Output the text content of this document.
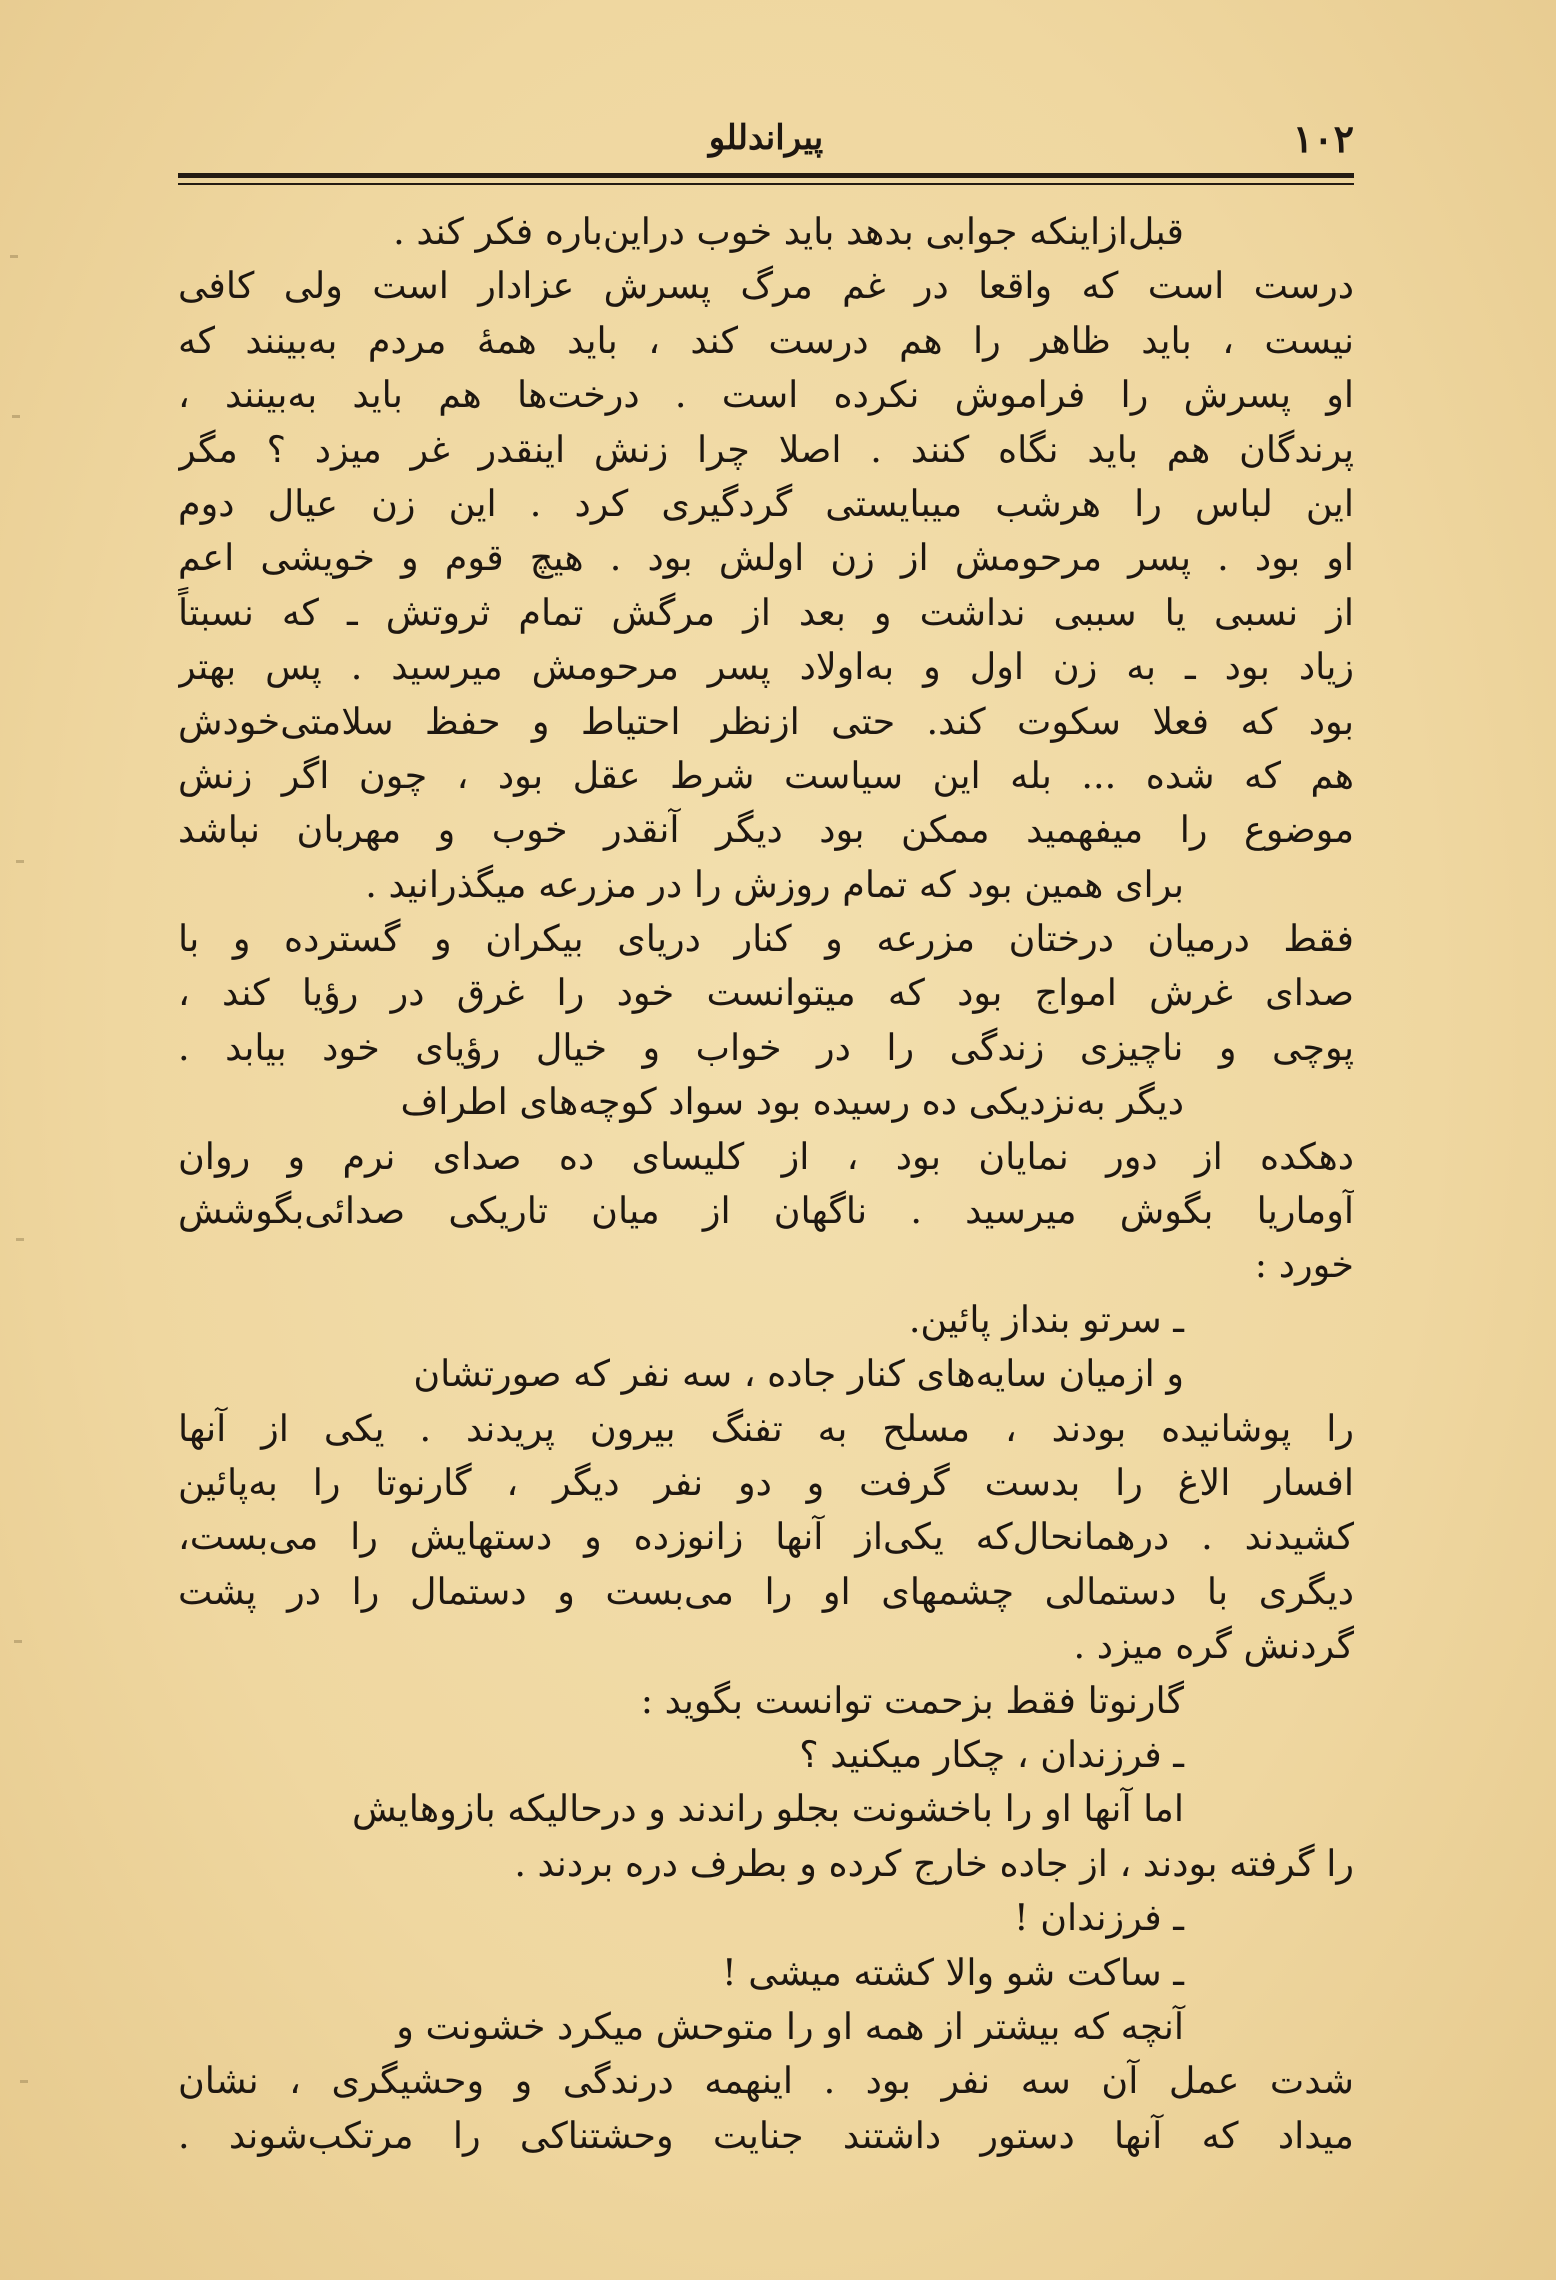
۱۰۲
پیراندللو
قبل‌ازاینکه جوابی بدهد باید خوب دراین‌باره فکر کند .
درست است که واقعا در غم مرگ پسرش عزادار است ولی کافی
نیست ، باید ظاهر را هم درست کند ، باید همهٔ مردم به‌بینند که
او پسرش را فراموش نکرده است . درخت‌ها هم باید به‌بینند ،
پرندگان هم باید نگاه کنند . اصلا چرا زنش اینقدر غر میزد ؟ مگر
این لباس را هرشب میبایستی گردگیری کرد . این زن عیال دوم
او بود . پسر مرحومش از زن اولش بود . هیچ قوم و خویشی اعم
از نسبی یا سببی نداشت و بعد از مرگش تمام ثروتش ـ که نسبتاً
زیاد بود ـ به زن اول و به‌اولاد پسر مرحومش میرسید . پس بهتر
بود که فعلا سکوت کند. حتی ازنظر احتیاط و حفظ سلامتی‌خودش
هم که شده ... بله این سیاست شرط عقل بود ، چون اگر زنش
موضوع را میفهمید ممکن بود دیگر آنقدر خوب و مهربان نباشد
برای همین بود که تمام روزش را در مزرعه میگذرانید .
فقط درمیان درختان مزرعه و کنار دریای بیکران و گسترده و با
صدای غرش امواج بود که میتوانست خود را غرق در رؤیا کند ،
پوچی و ناچیزی زندگی را در خواب و خیال رؤیای خود بیابد .
دیگر به‌نزدیکی ده رسیده بود سواد کوچه‌های اطراف
دهکده از دور نمایان بود ، از کلیسای ده صدای نرم و روان
آوماریا بگوش میرسید . ناگهان از میان تاریکی صدائی‌بگوشش
خورد :
ـ سرتو بنداز پائین.
و ازمیان سایه‌های کنار جاده ، سه نفر که صورتشان
را پوشانیده بودند ، مسلح به تفنگ بیرون پریدند . یکی از آنها
افسار الاغ را بدست گرفت و دو نفر دیگر ، گارنوتا را به‌پائین
کشیدند . درهمانحال‌که یکی‌از آنها زانوزده و دستهایش را می‌بست،
دیگری با دستمالی چشمهای او را می‌بست و دستمال را در پشت
گردنش گره میزد .
گارنوتا فقط بزحمت توانست بگوید :
ـ فرزندان ، چکار میکنید ؟
اما آنها او را باخشونت بجلو راندند و درحالیکه بازوهایش
را گرفته بودند ، از جاده خارج کرده و بطرف دره بردند .
ـ فرزندان !
ـ ساکت شو والا کشته میشی !
آنچه که بیشتر از همه او را متوحش میکرد خشونت و
شدت عمل آن سه نفر بود . اینهمه درندگی و وحشیگری ، نشان
میداد که آنها دستور داشتند جنایت وحشتناکی را مرتکب‌شوند .
